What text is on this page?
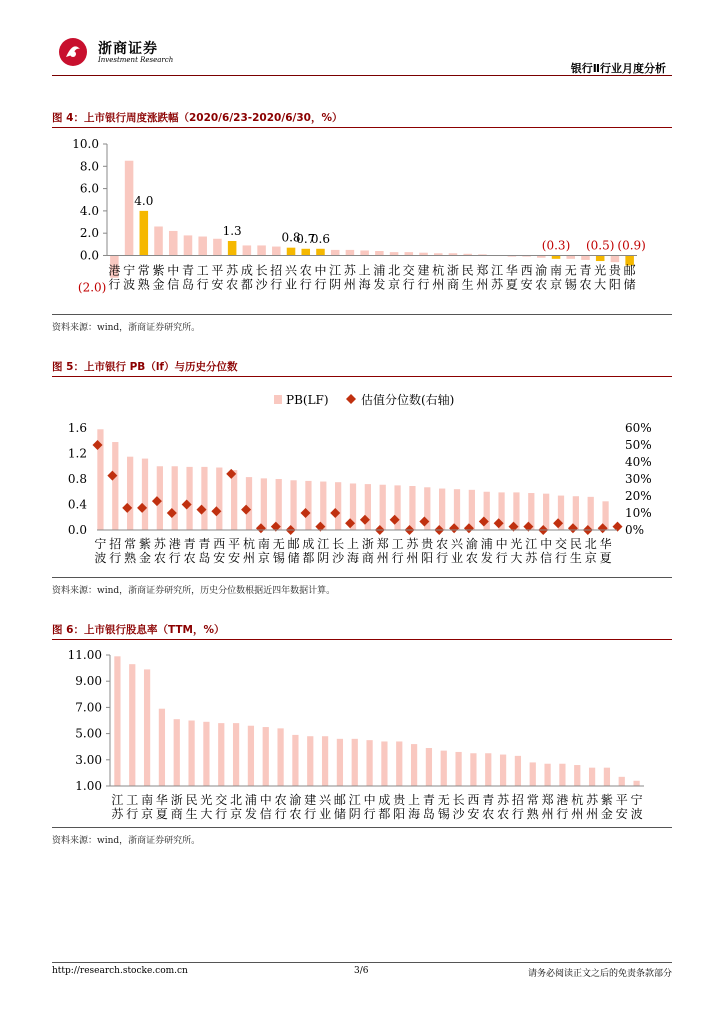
浙商证券
Investment Research
银行Ⅱ行业月度分析
图 4：上市银行周度涨跌幅（2020/6/23-2020/6/30，%）
10.0
8.0
6.0
4.0
2.0
0.0
港行
宁波
常熟
紫金
中信
青岛
工行
平安
苏农
成都
长沙
招行
兴业
农行
中行
江阴
苏州
上海
浦发
北京
交行
建行
杭州
浙商
民生
郑州
江苏
华夏
西安
渝农
南京
无锡
青农
光大
贵阳
邮储
(2.0)
4.0
1.3	0.8
0.7
0.6	(0.3) (0.5) (0.9)
资料来源：wind，浙商证券研究所。
图 5：上市银行 PB（lf）与历史分位数
PB(LF)	估值分位数(右轴)
1.6
1.2
0.8
0.4
0.0
60%
50%
40%
30%
20%
10%
0%
宁波
招行
常熟
紫金
苏农
港行
青农
青岛
西安
平安
杭州
南京
无锡
邮储
成都
江阴
长沙
上海
浙商
郑州
工行
苏州
贵阳
农行
兴业
渝农
浦发
中行
光大
江苏
中信
交行
民生
北京
华夏
资料来源：wind，浙商证券研究所，历史分位数根据近四年数据计算。
图 6：上市银行股息率（TTM，%）
11.00
9.00
7.00
5.00
3.00
1.00
江苏
工行
南京
华夏
浙商
民生
光大
交行
北京
浦发
中信
农行
渝农
建行
兴业
邮储
江阴
中行
成都
贵阳
上海
青岛
无锡
长沙
西安
青农
苏农
招行
常熟
郑州
港行
杭州
苏州
紫金
平安
宁波
资料来源：wind，浙商证券研究所。
http://research.stocke.com.cn	3/6	请务必阅读正文之后的免责条款部分
